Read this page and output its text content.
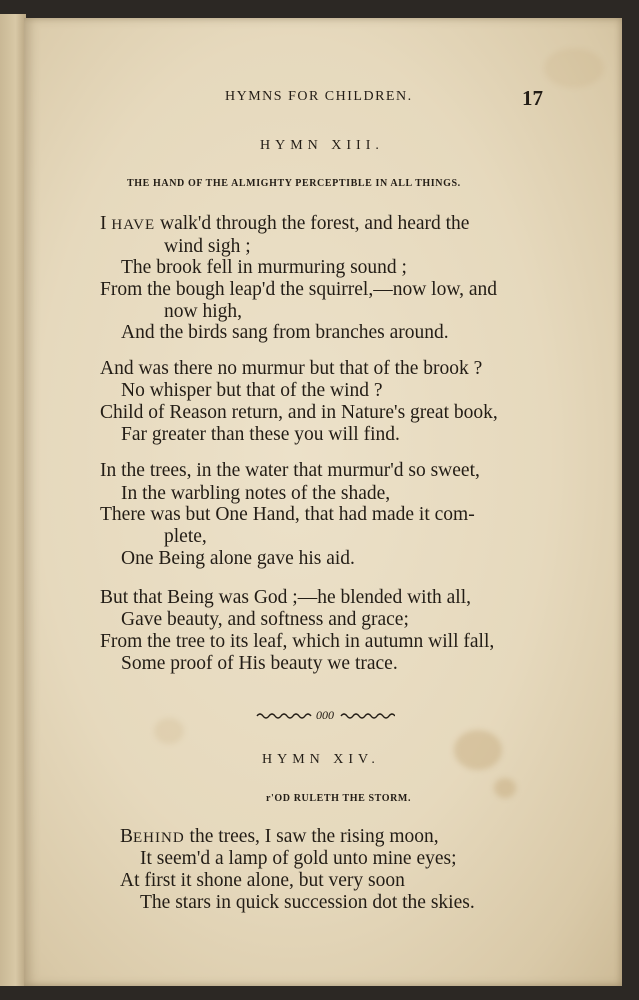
HYMNS FOR CHILDREN.	17
HYMN XIII.
THE HAND OF THE ALMIGHTY PERCEPTIBLE IN ALL THINGS.
I HAVE walk'd through the forest, and heard the
wind sigh ;
The brook fell in murmuring sound ;
From the bough leap'd the squirrel,—now low, and
now high,
And the birds sang from branches around.
And was there no murmur but that of the brook ?
No whisper but that of the wind ?
Child of Reason return, and in Nature's great book,
Far greater than these you will find.
In the trees, in the water that murmur'd so sweet,
In the warbling notes of the shade,
There was but One Hand, that had made it com-
plete,
One Being alone gave his aid.
But that Being was God ;—he blended with all,
Gave beauty, and softness and grace;
From the tree to its leaf, which in autumn will fall,
Some proof of His beauty we trace.
000
HYMN XIV.
r'OD RULETH THE STORM.
BEHIND the trees, I saw the rising moon,
It seem'd a lamp of gold unto mine eyes;
At first it shone alone, but very soon
The stars in quick succession dot the skies.
